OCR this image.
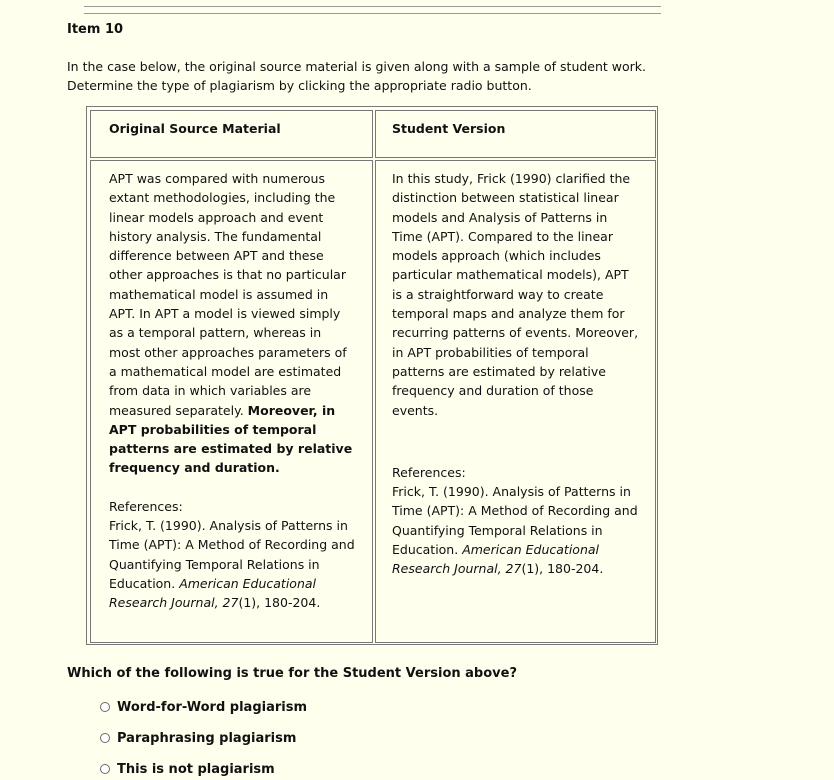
Item 10
In the case below, the original source material is given along with a sample of student work.
Determine the type of plagiarism by clicking the appropriate radio button.
Original Source Material	Student Version
APT was compared with numerous extant methodologies, including the linear models approach and event history analysis. The fundamental difference between APT and these other approaches is that no particular mathematical model is assumed in APT. In APT a model is viewed simply as a temporal pattern, whereas in most other approaches parameters of a mathematical model are estimated from data in which variables are measured separately. Moreover, in APT probabilities of temporal patterns are estimated by relative frequency and duration.
References:
Frick, T. (1990). Analysis of Patterns in Time (APT): A Method of Recording and Quantifying Temporal Relations in Education. American Educational Research Journal, 27(1), 180-204.
In this study, Frick (1990) clarified the distinction between statistical linear models and Analysis of Patterns in Time (APT). Compared to the linear models approach (which includes particular mathematical models), APT is a straightforward way to create temporal maps and analyze them for recurring patterns of events. Moreover, in APT probabilities of temporal patterns are estimated by relative frequency and duration of those events.
References:
Frick, T. (1990). Analysis of Patterns in Time (APT): A Method of Recording and Quantifying Temporal Relations in Education. American Educational Research Journal, 27(1), 180-204.
Which of the following is true for the Student Version above?
Word-for-Word plagiarism
Paraphrasing plagiarism
This is not plagiarism
